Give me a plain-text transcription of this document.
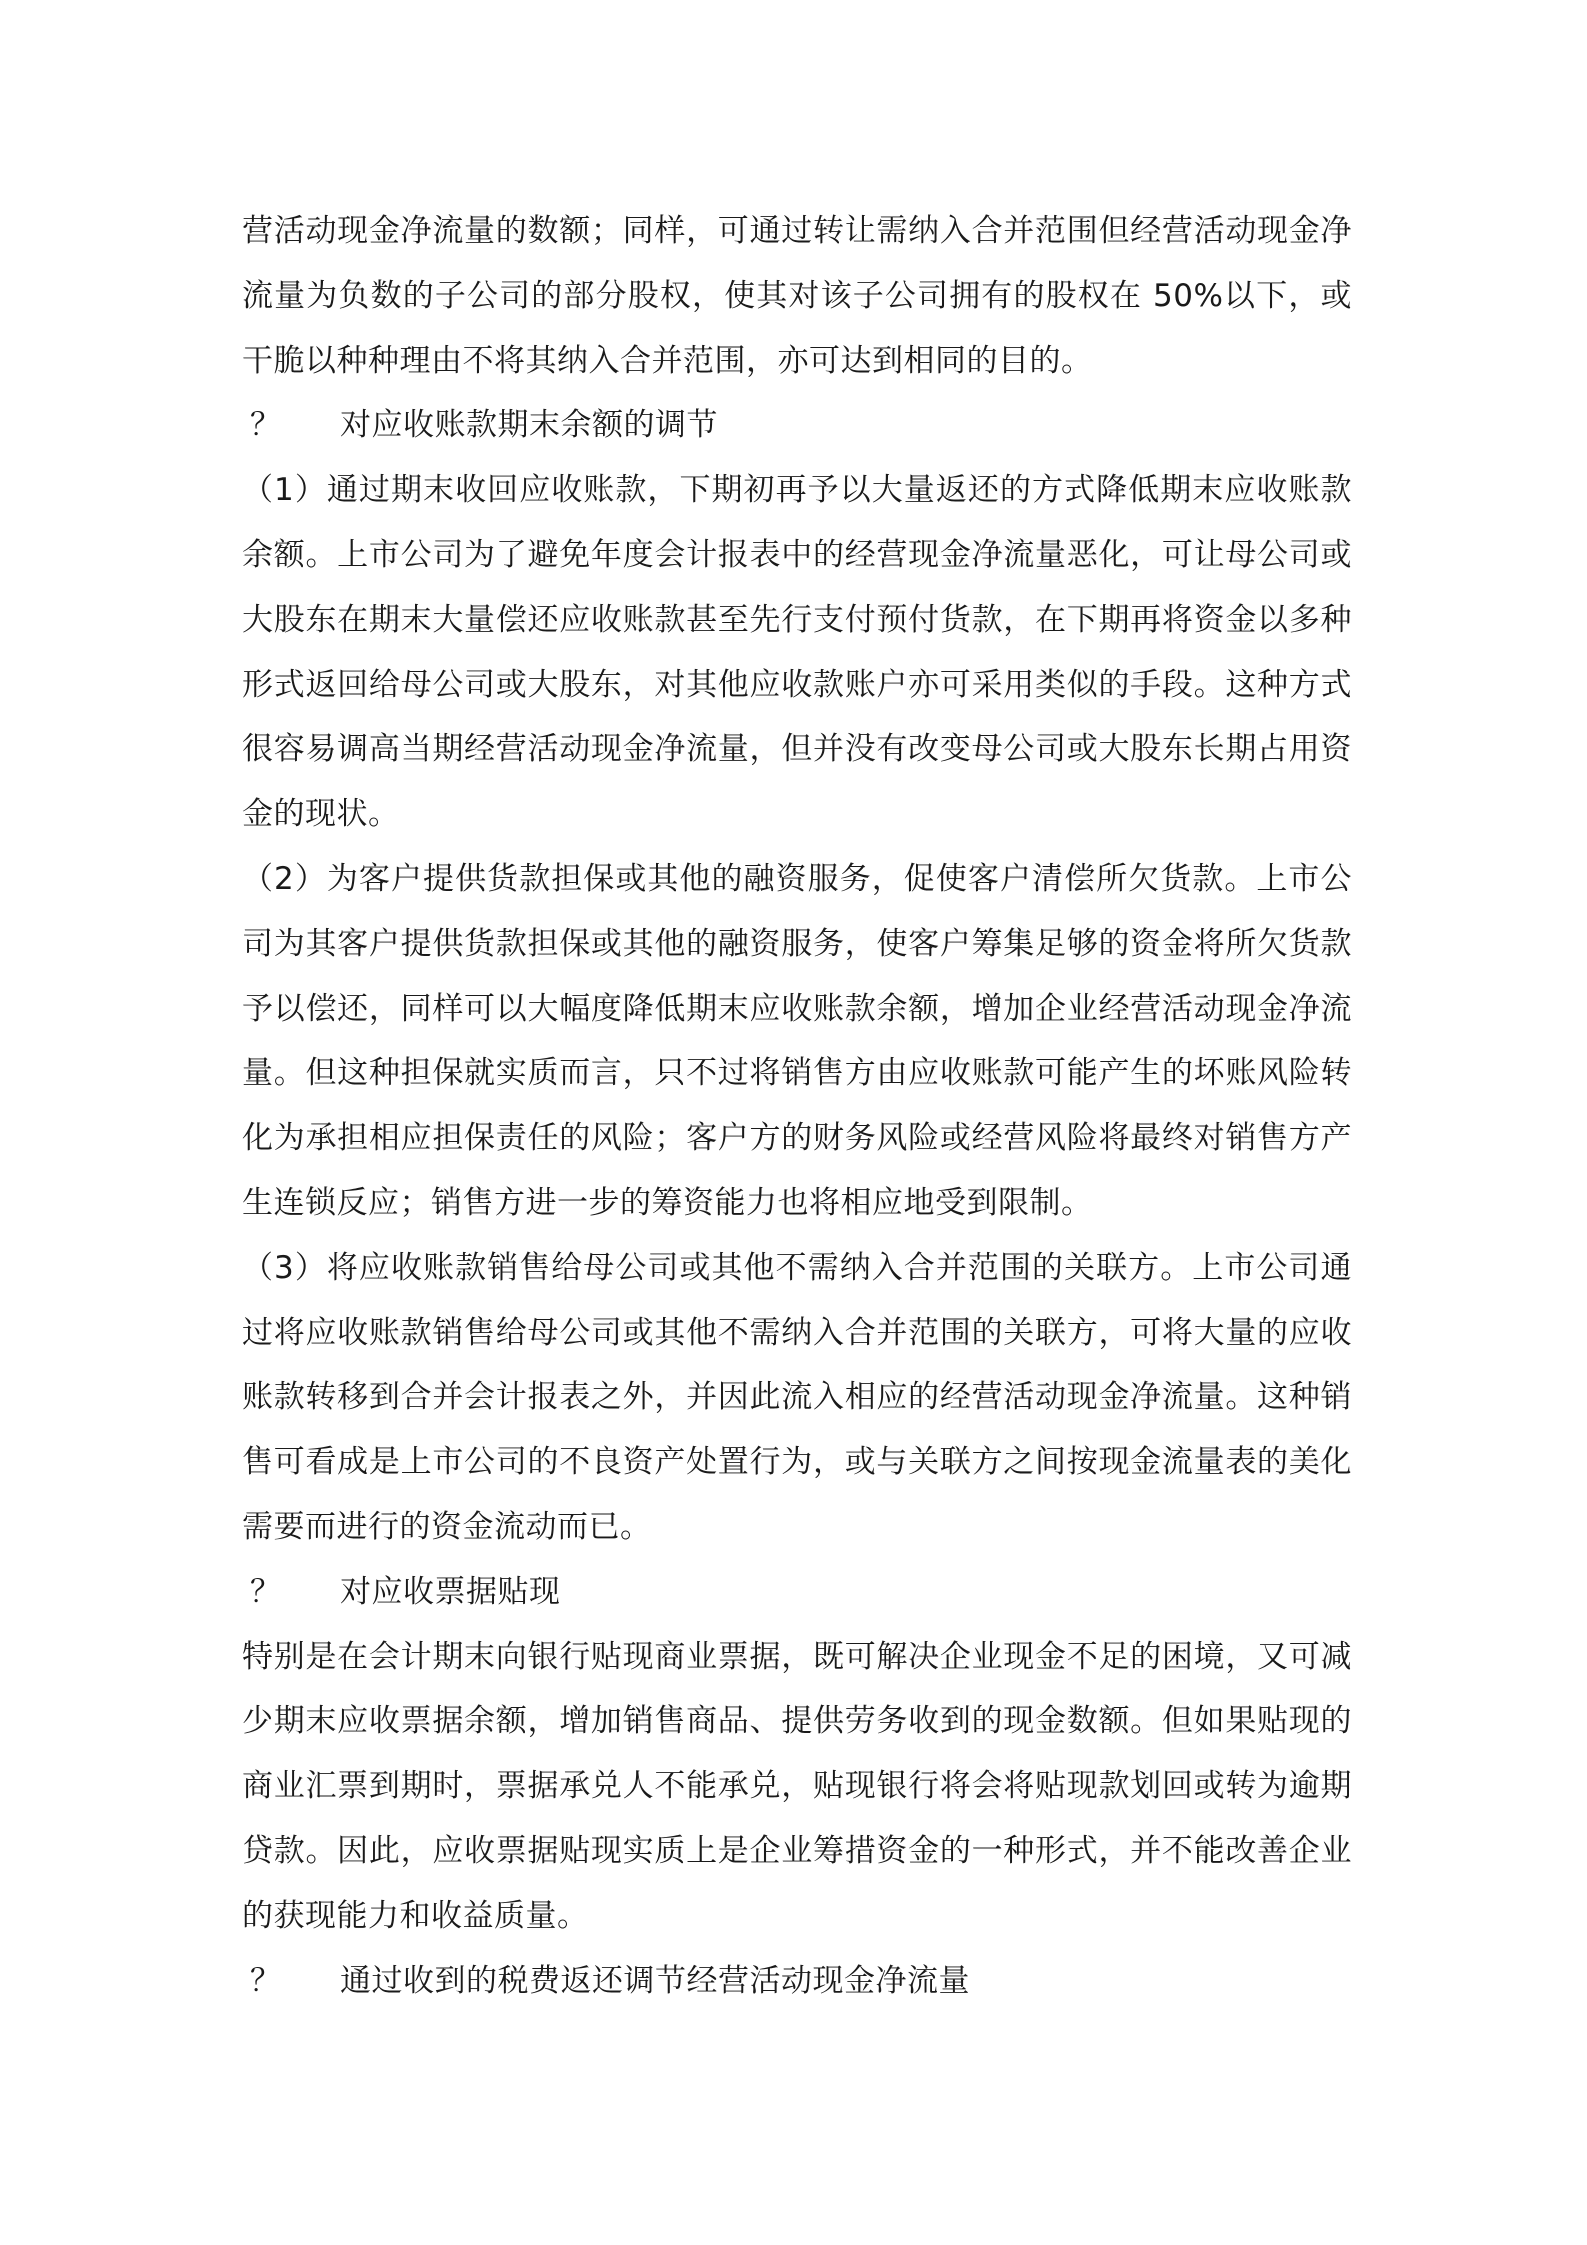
营活动现金净流量的数额；同样，可通过转让需纳入合并范围但经营活动现金净流量为负数的子公司的部分股权，使其对该子公司拥有的股权在 50%以下，或干脆以种种理由不将其纳入合并范围，亦可达到相同的目的。

？	对应收账款期末余额的调节

（1）通过期末收回应收账款，下期初再予以大量返还的方式降低期末应收账款余额。上市公司为了避免年度会计报表中的经营现金净流量恶化，可让母公司或大股东在期末大量偿还应收账款甚至先行支付预付货款，在下期再将资金以多种形式返回给母公司或大股东，对其他应收款账户亦可采用类似的手段。这种方式很容易调高当期经营活动现金净流量，但并没有改变母公司或大股东长期占用资金的现状。

（2）为客户提供货款担保或其他的融资服务，促使客户清偿所欠货款。上市公司为其客户提供货款担保或其他的融资服务，使客户筹集足够的资金将所欠货款予以偿还，同样可以大幅度降低期末应收账款余额，增加企业经营活动现金净流量。但这种担保就实质而言，只不过将销售方由应收账款可能产生的坏账风险转化为承担相应担保责任的风险；客户方的财务风险或经营风险将最终对销售方产生连锁反应；销售方进一步的筹资能力也将相应地受到限制。

（3）将应收账款销售给母公司或其他不需纳入合并范围的关联方。上市公司通过将应收账款销售给母公司或其他不需纳入合并范围的关联方，可将大量的应收账款转移到合并会计报表之外，并因此流入相应的经营活动现金净流量。这种销售可看成是上市公司的不良资产处置行为，或与关联方之间按现金流量表的美化需要而进行的资金流动而已。

？	对应收票据贴现

特别是在会计期末向银行贴现商业票据，既可解决企业现金不足的困境，又可减少期末应收票据余额，增加销售商品、提供劳务收到的现金数额。但如果贴现的商业汇票到期时，票据承兑人不能承兑，贴现银行将会将贴现款划回或转为逾期贷款。因此，应收票据贴现实质上是企业筹措资金的一种形式，并不能改善企业的获现能力和收益质量。

？	通过收到的税费返还调节经营活动现金净流量
